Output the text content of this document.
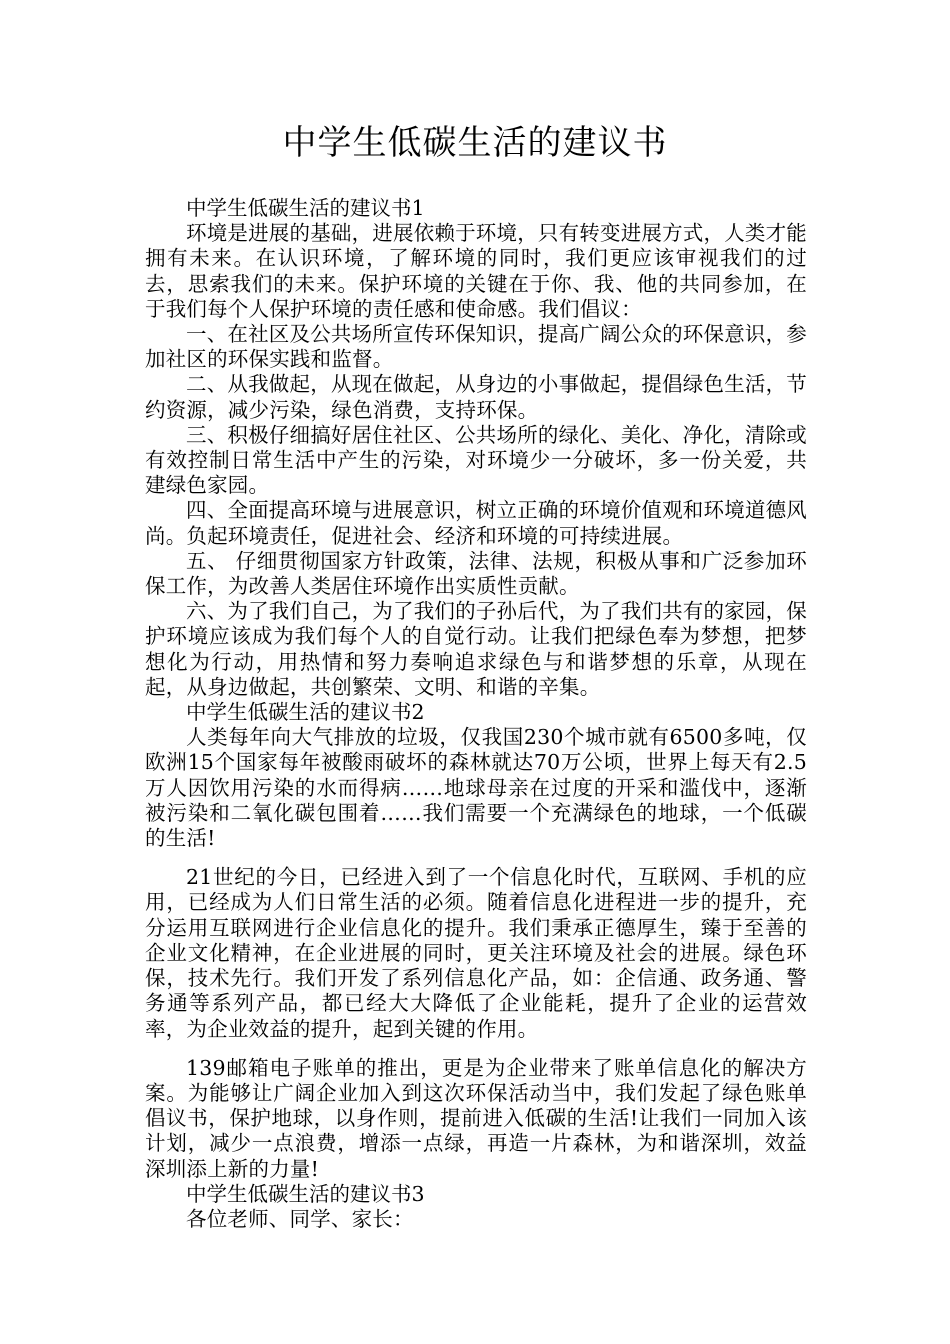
中学生低碳生活的建议书

中学生低碳生活的建议书1

环境是进展的基础，进展依赖于环境，只有转变进展方式，人类才能拥有未来。在认识环境，了解环境的同时，我们更应该审视我们的过去，思索我们的未来。保护环境的关键在于你、我、他的共同参加，在于我们每个人保护环境的责任感和使命感。我们倡议：

一、在社区及公共场所宣传环保知识，提高广阔公众的环保意识，参加社区的环保实践和监督。

二、从我做起，从现在做起，从身边的小事做起，提倡绿色生活，节约资源，减少污染，绿色消费，支持环保。

三、积极仔细搞好居住社区、公共场所的绿化、美化、净化，清除或有效控制日常生活中产生的污染，对环境少一分破坏，多一份关爱，共建绿色家园。

四、全面提高环境与进展意识，树立正确的环境价值观和环境道德风尚。负起环境责任，促进社会、经济和环境的可持续进展。

五、 仔细贯彻国家方针政策，法律、法规，积极从事和广泛参加环保工作，为改善人类居住环境作出实质性贡献。

六、为了我们自己，为了我们的子孙后代，为了我们共有的家园，保护环境应该成为我们每个人的自觉行动。让我们把绿色奉为梦想，把梦想化为行动，用热情和努力奏响追求绿色与和谐梦想的乐章，从现在起，从身边做起，共创繁荣、文明、和谐的辛集。

中学生低碳生活的建议书2

人类每年向大气排放的垃圾，仅我国230个城市就有6500多吨，仅欧洲15个国家每年被酸雨破坏的森林就达70万公顷，世界上每天有2.5万人因饮用污染的水而得病……地球母亲在过度的开采和滥伐中，逐渐被污染和二氧化碳包围着……我们需要一个充满绿色的地球，一个低碳的生活!

21世纪的今日，已经进入到了一个信息化时代，互联网、手机的应用，已经成为人们日常生活的必须。随着信息化进程进一步的提升，充分运用互联网进行企业信息化的提升。我们秉承正德厚生，臻于至善的企业文化精神，在企业进展的同时，更关注环境及社会的进展。绿色环保，技术先行。我们开发了系列信息化产品，如：企信通、政务通、警务通等系列产品，都已经大大降低了企业能耗，提升了企业的运营效率，为企业效益的提升，起到关键的作用。

139邮箱电子账单的推出，更是为企业带来了账单信息化的解决方案。为能够让广阔企业加入到这次环保活动当中，我们发起了绿色账单倡议书，保护地球，以身作则，提前进入低碳的生活!让我们一同加入该计划，减少一点浪费，增添一点绿，再造一片森林，为和谐深圳，效益深圳添上新的力量!

中学生低碳生活的建议书3

各位老师、同学、家长：
